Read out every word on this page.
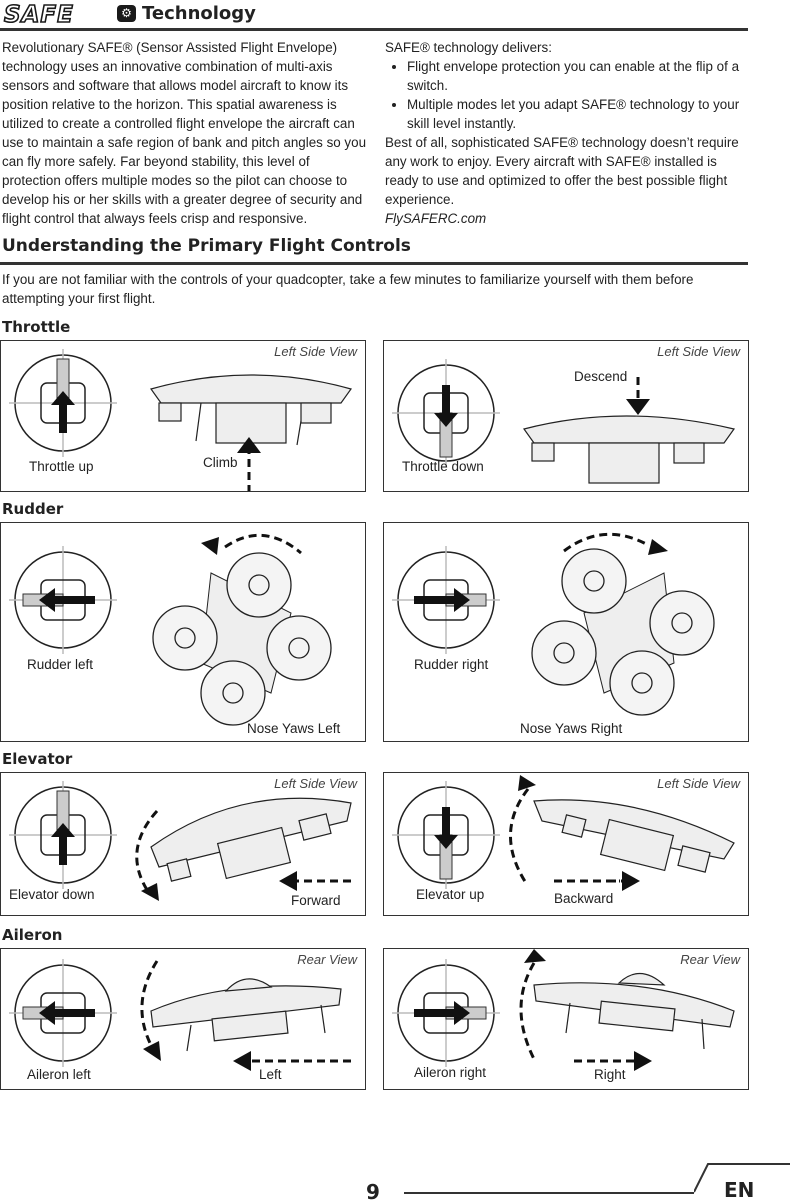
SAFE	⚙ Technology

Revolutionary SAFE® (Sensor Assisted Flight Envelope) technology uses an innovative combination of multi-axis sensors and software that allows model aircraft to know its position relative to the horizon. This spatial awareness is utilized to create a controlled flight envelope the aircraft can use to maintain a safe region of bank and pitch angles so you can fly more safely. Far beyond stability, this level of protection offers multiple modes so the pilot can choose to develop his or her skills with a greater degree of security and flight control that always feels crisp and responsive.

SAFE® technology delivers:

• Flight envelope protection you can enable at the flip of a switch.
• Multiple modes let you adapt SAFE® technology to your skill level instantly.

Best of all, sophisticated SAFE® technology doesn’t require any work to enjoy. Every aircraft with SAFE® installed is ready to use and optimized to offer the best possible flight experience.

FlySAFERC.com

Understanding the Primary Flight Controls
If you are not familiar with the controls of your quadcopter, take a few minutes to familiarize yourself with them before attempting your first flight.
Throttle
Left Side View
Throttle up	Climb
Left Side View
Throttle down
Descend
Rudder
Rudder left
Nose Yaws Left
Rudder right
Nose Yaws Right
Elevator
Left Side View
Elevator down	Forward
Left Side View
Elevator up	Backward
Aileron
Rear View
Aileron left	Left
Rear View
Aileron right	Right
9	EN
